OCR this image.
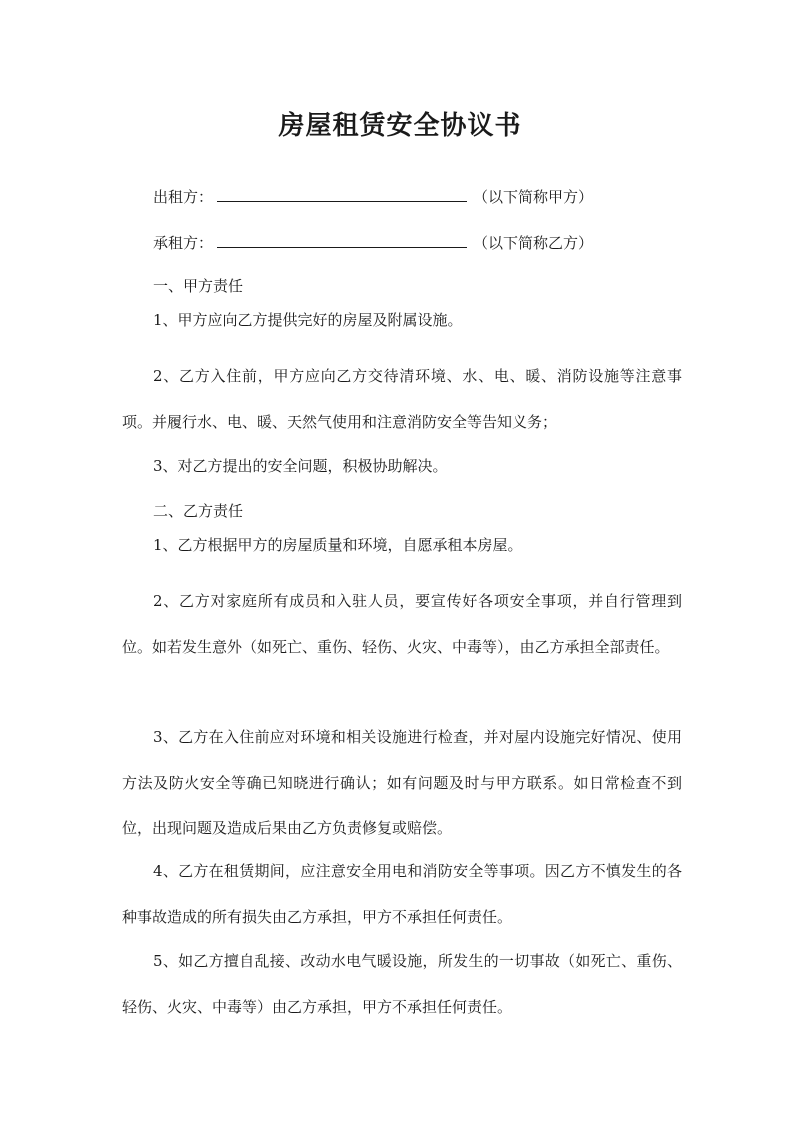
房屋租赁安全协议书
出租方：	（以下简称甲方）
承租方：	（以下简称乙方）
一、甲方责任

1、甲方应向乙方提供完好的房屋及附属设施。

2、乙方入住前，甲方应向乙方交待清环境、水、电、暖、消防设施等注意事项。并履行水、电、暖、天然气使用和注意消防安全等告知义务；

3、对乙方提出的安全问题，积极协助解决。

二、乙方责任

1、乙方根据甲方的房屋质量和环境，自愿承租本房屋。

2、乙方对家庭所有成员和入驻人员，要宣传好各项安全事项，并自行管理到位。如若发生意外（如死亡、重伤、轻伤、火灾、中毒等），由乙方承担全部责任。

3、乙方在入住前应对环境和相关设施进行检查，并对屋内设施完好情况、使用方法及防火安全等确已知晓进行确认；如有问题及时与甲方联系。如日常检查不到位，出现问题及造成后果由乙方负责修复或赔偿。

4、乙方在租赁期间，应注意安全用电和消防安全等事项。因乙方不慎发生的各种事故造成的所有损失由乙方承担，甲方不承担任何责任。

5、如乙方擅自乱接、改动水电气暖设施，所发生的一切事故（如死亡、重伤、轻伤、火灾、中毒等）由乙方承担，甲方不承担任何责任。
